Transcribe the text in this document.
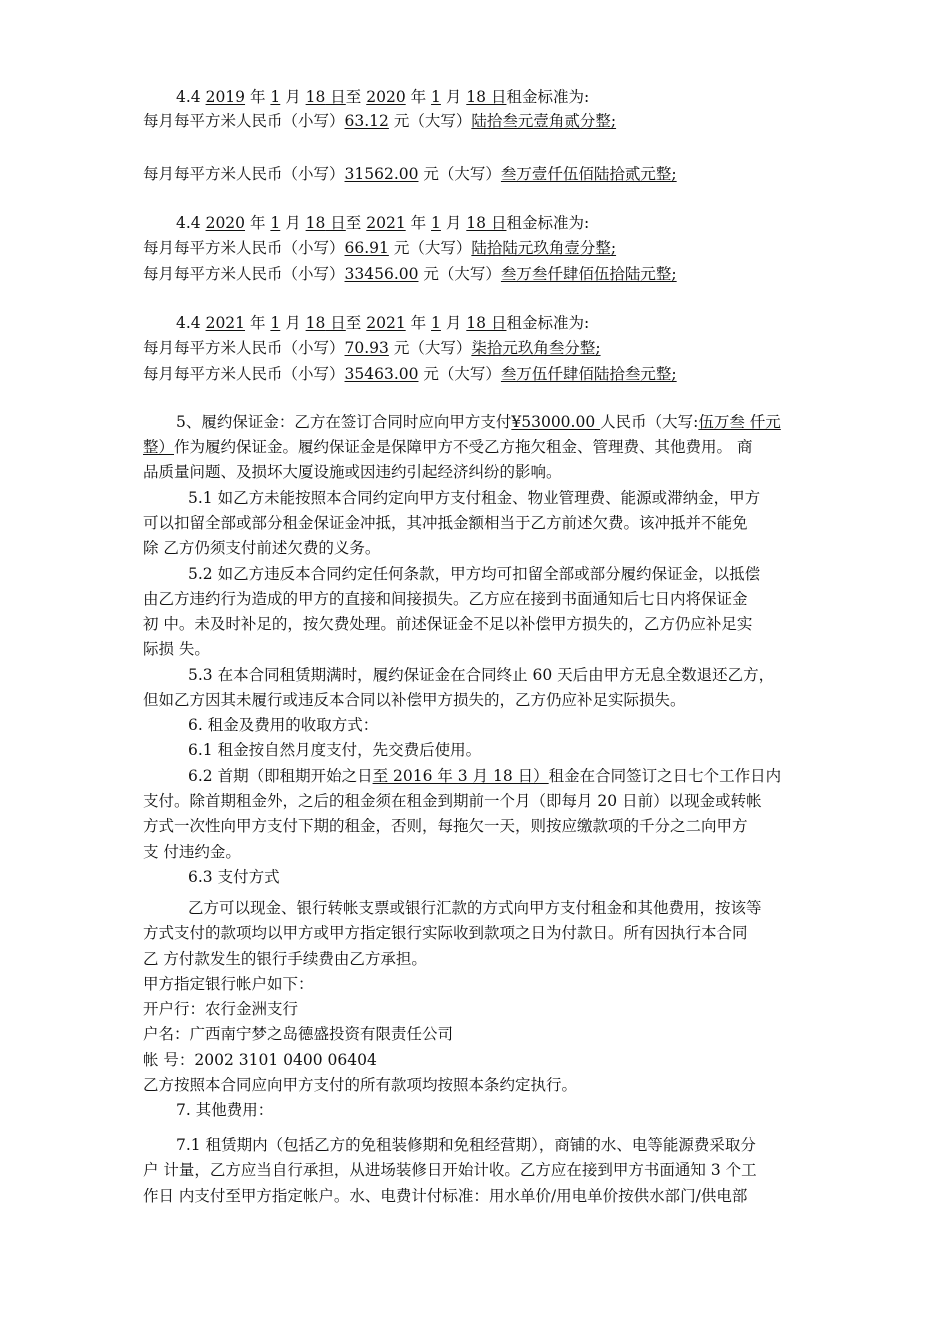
4.4 2019 年 1 月 18 日至 2020 年 1 月 18 日租金标准为:
每月每平方米人民币（小写）63.12 元（大写）陆拾叁元壹角贰分整;
每月每平方米人民币（小写）31562.00 元（大写）叁万壹仟伍佰陆拾贰元整;
4.4 2020 年 1 月 18 日至 2021 年 1 月 18 日租金标准为:
每月每平方米人民币（小写）66.91 元（大写）陆拾陆元玖角壹分整;
每月每平方米人民币（小写）33456.00 元（大写）叁万叁仟肆佰伍拾陆元整;
4.4 2021 年 1 月 18 日至 2021 年 1 月 18 日租金标准为:
每月每平方米人民币（小写）70.93 元（大写）柒拾元玖角叁分整;
每月每平方米人民币（小写）35463.00 元（大写）叁万伍仟肆佰陆拾叁元整;
5、履约保证金：乙方在签订合同时应向甲方支付¥53000.00 人民币（大写:伍万叁 仟元
整）作为履约保证金。履约保证金是保障甲方不受乙方拖欠租金、管理费、其他费用。 商
品质量问题、及损坏大厦设施或因违约引起经济纠纷的影响。
5.1 如乙方未能按照本合同约定向甲方支付租金、物业管理费、能源或滞纳金，甲方
可以扣留全部或部分租金保证金冲抵，其冲抵金额相当于乙方前述欠费。该冲抵并不能免
除 乙方仍须支付前述欠费的义务。
5.2 如乙方违反本合同约定任何条款，甲方均可扣留全部或部分履约保证金，以抵偿
由乙方违约行为造成的甲方的直接和间接损失。乙方应在接到书面通知后七日内将保证金
初 中。未及时补足的，按欠费处理。前述保证金不足以补偿甲方损失的，乙方仍应补足实
际损 失。
5.3 在本合同租赁期满时，履约保证金在合同终止 60 天后由甲方无息全数退还乙方，
但如乙方因其未履行或违反本合同以补偿甲方损失的，乙方仍应补足实际损失。
6. 租金及费用的收取方式：
6.1 租金按自然月度支付，先交费后使用。
6.2 首期（即租期开始之日至 2016 年 3 月 18 日）租金在合同签订之日七个工作日内
支付。除首期租金外，之后的租金须在租金到期前一个月（即每月 20 日前）以现金或转帐
方式一次性向甲方支付下期的租金，否则，每拖欠一天，则按应缴款项的千分之二向甲方
支 付违约金。
6.3 支付方式
乙方可以现金、银行转帐支票或银行汇款的方式向甲方支付租金和其他费用，按该等
方式支付的款项均以甲方或甲方指定银行实际收到款项之日为付款日。所有因执行本合同
乙 方付款发生的银行手续费由乙方承担。
甲方指定银行帐户如下：
开户行：农行金洲支行
户名：广西南宁梦之岛德盛投资有限责任公司
帐 号：2002 3101 0400 06404
乙方按照本合同应向甲方支付的所有款项均按照本条约定执行。
7. 其他费用：
7.1 租赁期内（包括乙方的免租装修期和免租经营期），商铺的水、电等能源费采取分
户 计量，乙方应当自行承担，从进场装修日开始计收。乙方应在接到甲方书面通知 3 个工
作日 内支付至甲方指定帐户。水、电费计付标准：用水单价/用电单价按供水部门/供电部
